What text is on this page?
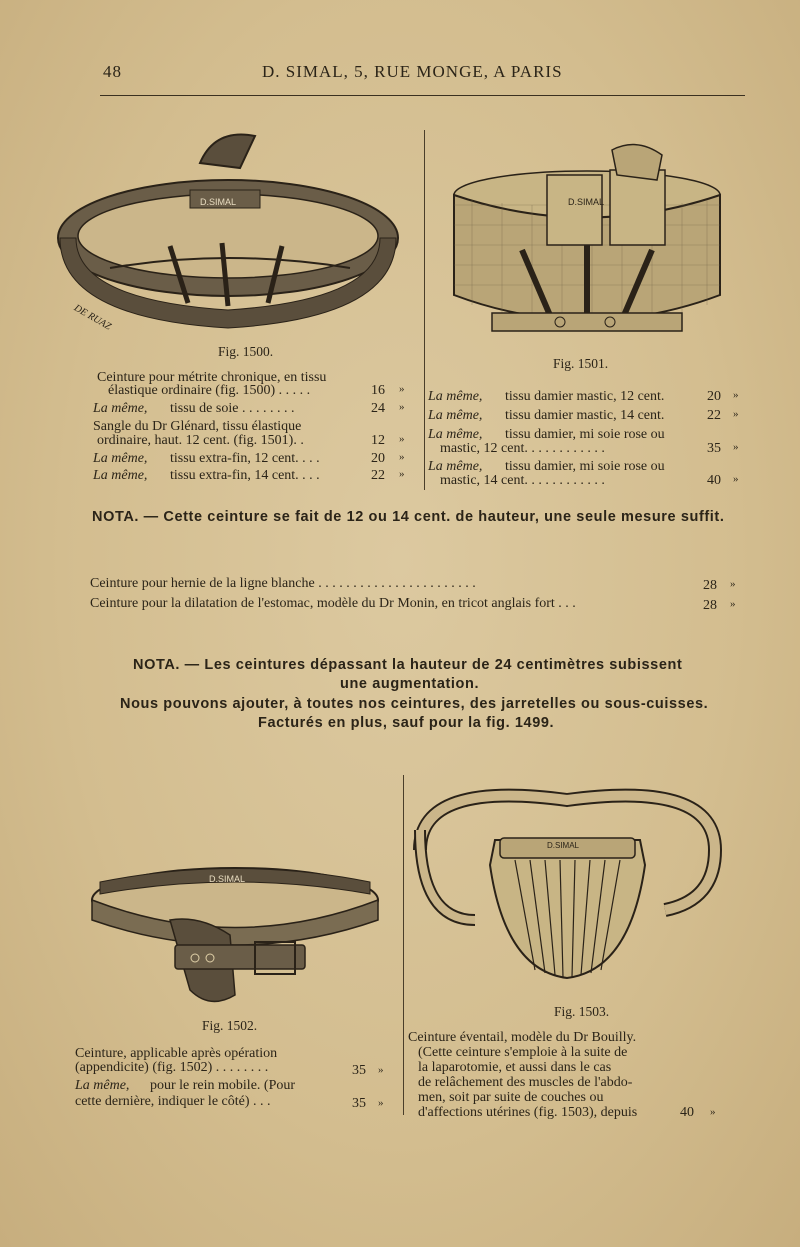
48	D. SIMAL, 5, RUE MONGE, A PARIS
D.SIMAL
DE RUAZ
D.SIMAL
Fig. 1500.
Fig. 1501.
Ceinture pour métrite chronique, en tissu
élastique ordinaire (fig. 1500) . . . . .	16 »
La même, tissu de soie . . . . . . . .	24 »
Sangle du Dr Glénard, tissu élastique
ordinaire, haut. 12 cent. (fig. 1501). .	12 »
La même, tissu extra-fin, 12 cent. . . .	20 »
La même, tissu extra-fin, 14 cent. . . .	22 »
La même, tissu damier mastic, 12 cent.	20 »
La même, tissu damier mastic, 14 cent.	22 »
La même, tissu damier, mi soie rose ou
mastic, 12 cent. . . . . . . . . . . .	35 »
La même, tissu damier, mi soie rose ou
mastic, 14 cent. . . . . . . . . . . .	40 »
NOTA. — Cette ceinture se fait de 12 ou 14 cent. de hauteur, une seule mesure suffit.
Ceinture pour hernie de la ligne blanche . . . . . . . . . . . . . . . . . . . . . . .	28 »
Ceinture pour la dilatation de l'estomac, modèle du Dr Monin, en tricot anglais fort . . .	28 »
NOTA. — Les ceintures dépassant la hauteur de 24 centimètres subissent
une augmentation.
Nous pouvons ajouter, à toutes nos ceintures, des jarretelles ou sous-cuisses.
Facturés en plus, sauf pour la fig. 1499.
D.SIMAL
D.SIMAL
Fig. 1502.
Fig. 1503.
Ceinture, applicable après opération
(appendicite) (fig. 1502) . . . . . . . .	35 »
La même, pour le rein mobile. (Pour
cette dernière, indiquer le côté) . . .	35 »
Ceinture éventail, modèle du Dr Bouilly.
(Cette ceinture s'emploie à la suite de
la laparotomie, et aussi dans le cas
de relâchement des muscles de l'abdo-
men, soit par suite de couches ou
d'affections utérines (fig. 1503), depuis	40 »
